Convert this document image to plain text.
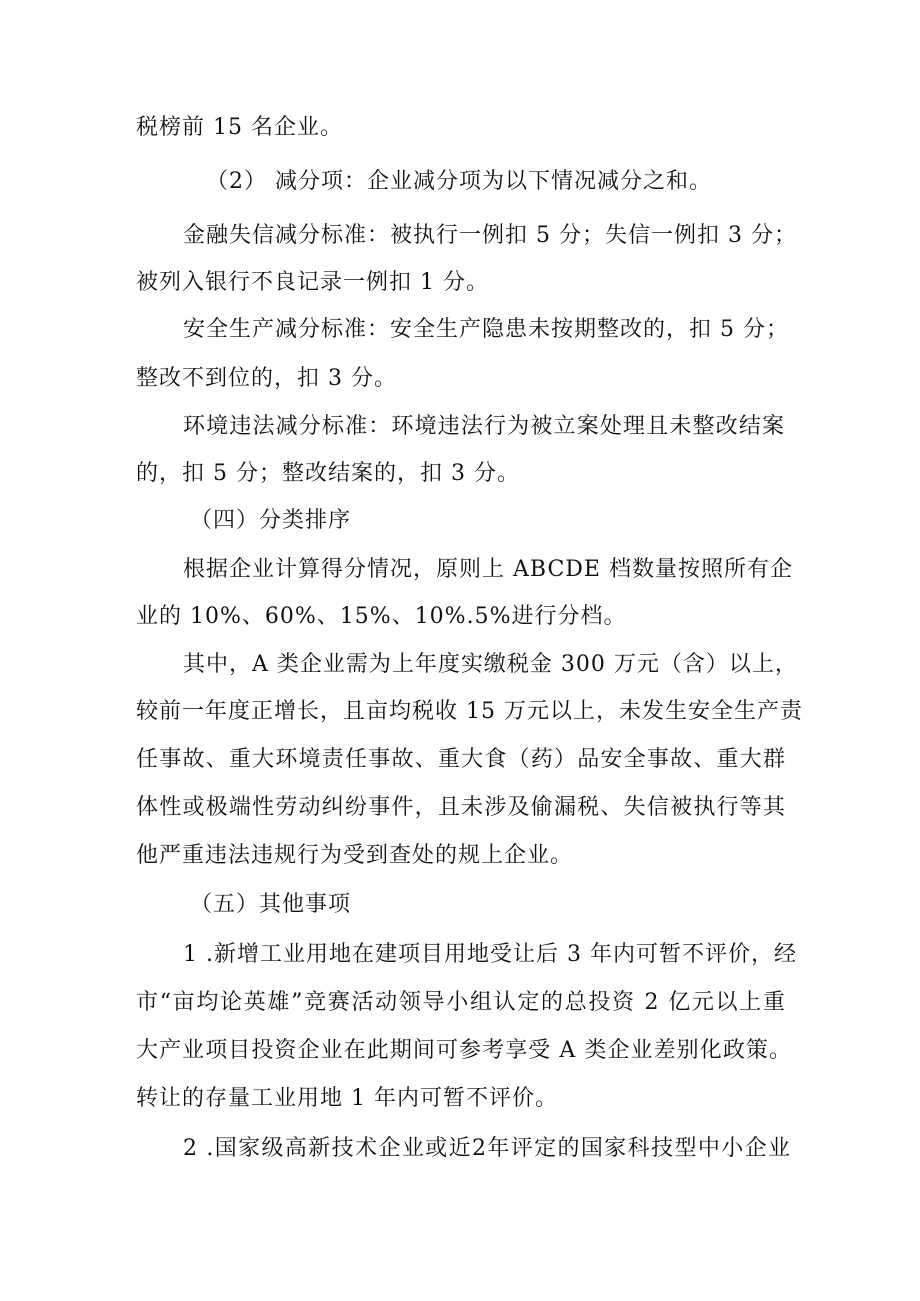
税榜前 15 名企业。
（2） 减分项：企业减分项为以下情况减分之和。
金融失信减分标准：被执行一例扣 5 分；失信一例扣 3 分；
被列入银行不良记录一例扣 1 分。
安全生产减分标准：安全生产隐患未按期整改的，扣 5 分；
整改不到位的，扣 3 分。
环境违法减分标准：环境违法行为被立案处理且未整改结案
的，扣 5 分；整改结案的，扣 3 分。
（四）分类排序
根据企业计算得分情况，原则上 ABCDE 档数量按照所有企
业的 10%、60%、15%、10%.5%进行分档。
其中，A 类企业需为上年度实缴税金 300 万元（含）以上，
较前一年度正增长，且亩均税收 15 万元以上，未发生安全生产责
任事故、重大环境责任事故、重大食（药）品安全事故、重大群
体性或极端性劳动纠纷事件，且未涉及偷漏税、失信被执行等其
他严重违法违规行为受到查处的规上企业。
（五）其他事项
1 .新增工业用地在建项目用地受让后 3 年内可暂不评价，经
市“亩均论英雄”竞赛活动领导小组认定的总投资 2 亿元以上重
大产业项目投资企业在此期间可参考享受 A 类企业差别化政策。
转让的存量工业用地 1 年内可暂不评价。
2 .国家级高新技术企业或近2年评定的国家科技型中小企业
